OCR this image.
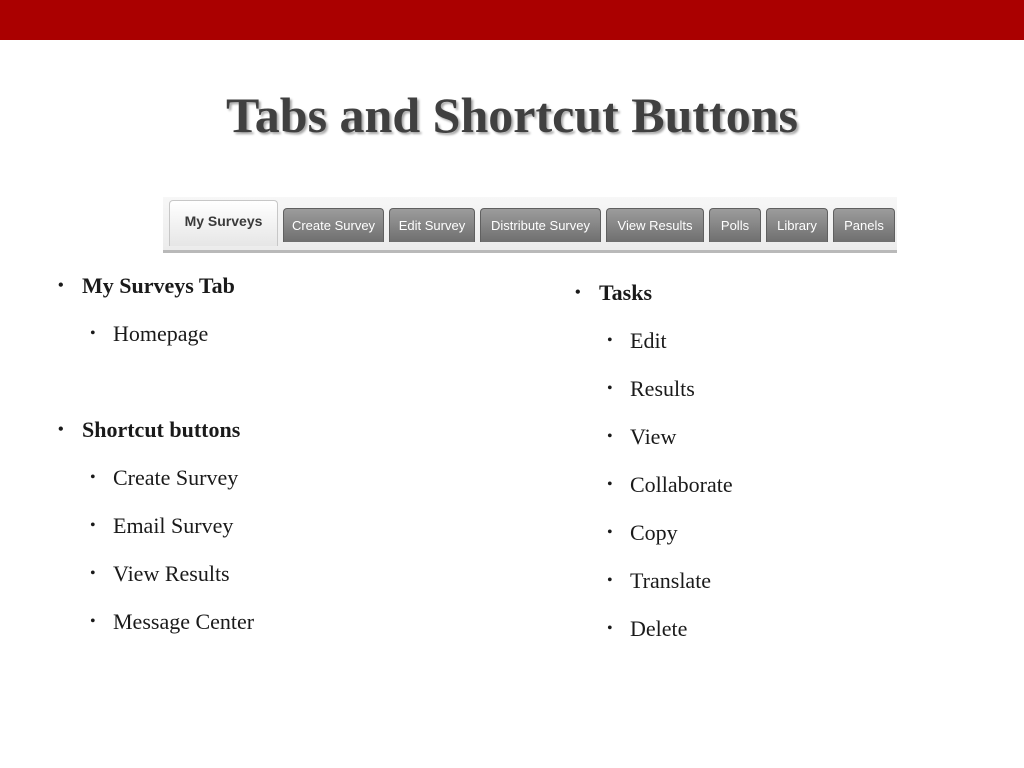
Tabs and Shortcut Buttons
My Surveys	Create Survey	Edit Survey	Distribute Survey	View Results	Polls	Library	Panels
• My Surveys Tab
• Homepage
• Shortcut buttons
• Create Survey
• Email Survey
• View Results
• Message Center
• Tasks
• Edit
• Results
• View
• Collaborate
• Copy
• Translate
• Delete
